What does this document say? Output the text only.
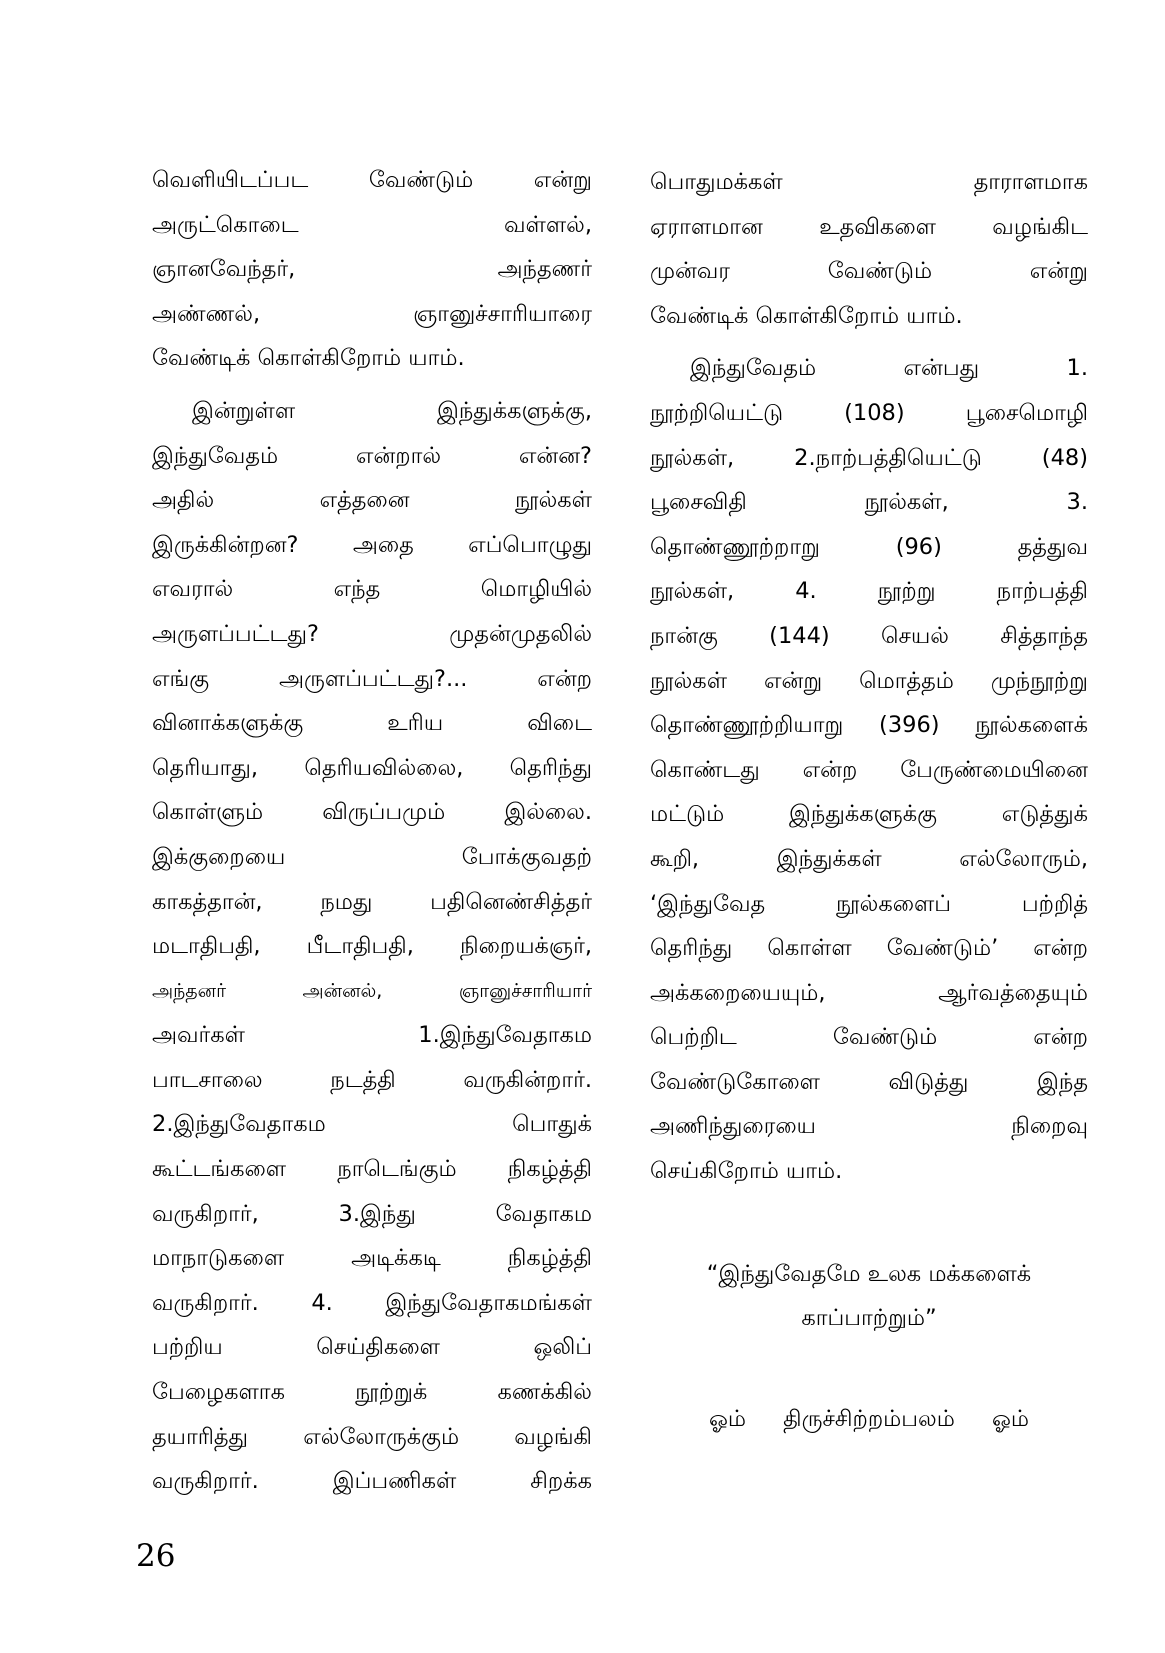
வெளியிடப்பட வேண்டும் என்று
அருட்கொடை வள்ளல்,
ஞானவேந்தர், அந்தணர்
அண்ணல், ஞானுச்சாரியாரை
வேண்டிக் கொள்கிறோம் யாம்.
இன்றுள்ள இந்துக்களுக்கு,
இந்துவேதம் என்றால் என்ன?
அதில் எத்தனை நூல்கள்
இருக்கின்றன? அதை எப்பொழுது
எவரால் எந்த மொழியில்
அருளப்பட்டது? முதன்முதலில்
எங்கு அருளப்பட்டது?... என்ற
வினாக்களுக்கு உரிய விடை
தெரியாது, தெரியவில்லை, தெரிந்து
கொள்ளும் விருப்பமும் இல்லை.
இக்குறையை போக்குவதற்
காகத்தான், நமது பதினெண்சித்தர்
மடாதிபதி, பீடாதிபதி, நிறையக்ஞர்,
அந்தனர் அன்னல், ஞானுச்சாரியார்
அவர்கள் 1.இந்துவேதாகம
பாடசாலை நடத்தி வருகின்றார்.
2.இந்துவேதாகம பொதுக்
கூட்டங்களை நாடெங்கும் நிகழ்த்தி
வருகிறார், 3.இந்து வேதாகம
மாநாடுகளை அடிக்கடி நிகழ்த்தி
வருகிறார். 4. இந்துவேதாகமங்கள்
பற்றிய செய்திகளை ஒலிப்
பேழைகளாக நூற்றுக் கணக்கில்
தயாரித்து எல்லோருக்கும் வழங்கி
வருகிறார். இப்பணிகள் சிறக்க
பொதுமக்கள் தாராளமாக
ஏராளமான உதவிகளை வழங்கிட
முன்வர வேண்டும் என்று
வேண்டிக் கொள்கிறோம் யாம்.
இந்துவேதம் என்பது 1.
நூற்றியெட்டு (108) பூசைமொழி
நூல்கள், 2.நாற்பத்தியெட்டு (48)
பூசைவிதி நூல்கள், 3.
தொண்ணூற்றாறு (96) தத்துவ
நூல்கள், 4. நூற்று நாற்பத்தி
நான்கு (144) செயல் சித்தாந்த
நூல்கள் என்று மொத்தம் முந்நூற்று
தொண்ணூற்றியாறு (396) நூல்களைக்
கொண்டது என்ற பேருண்மையினை
மட்டும் இந்துக்களுக்கு எடுத்துக்
கூறி, இந்துக்கள் எல்லோரும்,
‘இந்துவேத நூல்களைப் பற்றித்
தெரிந்து கொள்ள வேண்டும்’ என்ற
அக்கறையையும், ஆர்வத்தையும்
பெற்றிட வேண்டும் என்ற
வேண்டுகோளை விடுத்து இந்த
அணிந்துரையை நிறைவு
செய்கிறோம் யாம்.
“இந்துவேதமே உலக மக்களைக்
காப்பாற்றும்”
ஓம் திருச்சிற்றம்பலம் ஓம்
26
